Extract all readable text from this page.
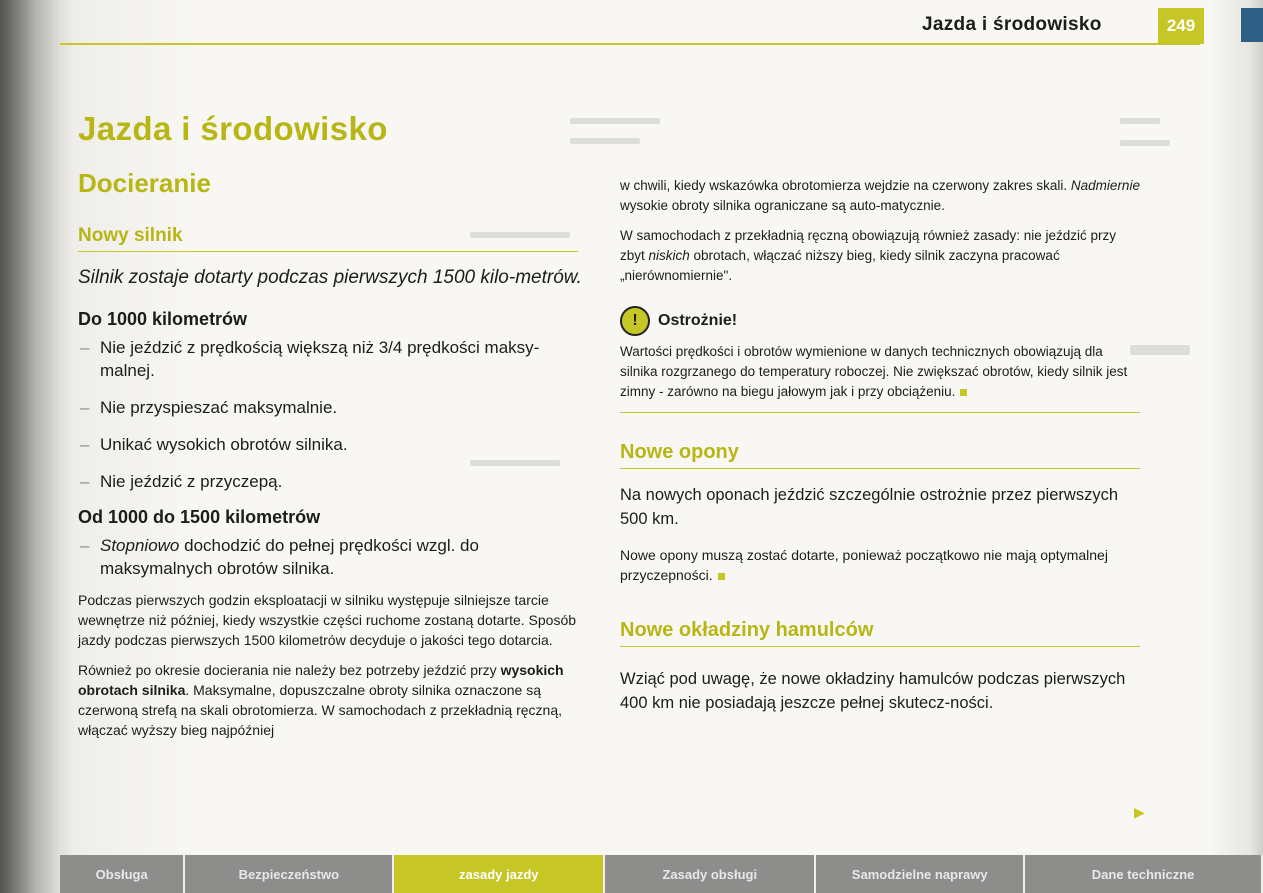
Jazda i środowisko	249
Jazda i środowisko
Docieranie
Nowy silnik

Silnik zostaje dotarty podczas pierwszych 1500 kilo-metrów.

Do 1000 kilometrów
– Nie jeździć z prędkością większą niż 3/4 prędkości maksy-malnej.
– Nie przyspieszać maksymalnie.
– Unikać wysokich obrotów silnika.
– Nie jeździć z przyczepą.
Od 1000 do 1500 kilometrów
– Stopniowo dochodzić do pełnej prędkości wzgl. do maksymalnych obrotów silnika.

Podczas pierwszych godzin eksploatacji w silniku występuje silniejsze tarcie wewnętrze niż później, kiedy wszystkie części ruchome zostaną dotarte. Sposób jazdy podczas pierwszych 1500 kilometrów decyduje o jakości tego dotarcia.

Również po okresie docierania nie należy bez potrzeby jeździć przy wysokich obrotach silnika. Maksymalne, dopuszczalne obroty silnika oznaczone są czerwoną strefą na skali obrotomierza. W samochodach z przekładnią ręczną, włączać wyższy bieg najpóźniej

w chwili, kiedy wskazówka obrotomierza wejdzie na czerwony zakres skali. Nadmiernie wysokie obroty silnika ograniczane są auto-matycznie.

W samochodach z przekładnią ręczną obowiązują również zasady: nie jeździć przy zbyt niskich obrotach, włączać niższy bieg, kiedy silnik zaczyna pracować „nierównomiernie".

!	Ostrożnie!

Wartości prędkości i obrotów wymienione w danych technicznych obowiązują dla silnika rozgrzanego do temperatury roboczej. Nie zwiększać obrotów, kiedy silnik jest zimny - zarówno na biegu jałowym jak i przy obciążeniu.

Nowe opony

Na nowych oponach jeździć szczególnie ostrożnie przez pierwszych 500 km.

Nowe opony muszą zostać dotarte, ponieważ początkowo nie mają optymalnej przyczepności.

Nowe okładziny hamulców

Wziąć pod uwagę, że nowe okładziny hamulców podczas pierwszych 400 km nie posiadają jeszcze pełnej skutecz-ności.

▶
Obsługa	Bezpieczeństwo	zasady jazdy	Zasady obsługi	Samodzielne naprawy	Dane techniczne
